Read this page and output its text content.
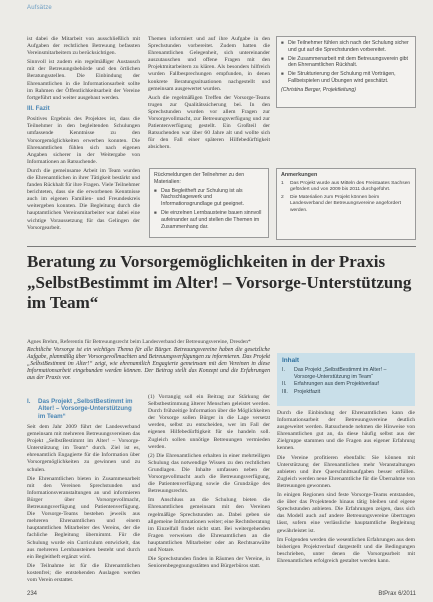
Aufsätze

ist dabei die Mitarbeit von ausschließlich mit Aufgaben der rechtlichen Betreuung befassten Vereinsmitarbeitern zu berücksichtigen.

Sinnvoll ist zudem ein regelmäßiger Austausch mit der Betreuungsbehörde und den örtlichen Beratungsstellen. Die Einbindung der Ehrenamtlichen in die Informationsarbeit sollte im Rahmen der Öffentlichkeitsarbeit der Vereine fortgeführt und weiter ausgebaut werden.

III. Fazit

Positives Ergebnis des Projektes ist, dass die Teilnehmer in den begleitenden Schulungen umfassende Kenntnisse zu den Vorsorgemöglichkeiten erwerben konnten. Die Ehrenamtlichen fühlen sich nach eigenen Angaben sicherer in der Weitergabe von Informationen an Ratsuchende.

Durch die gemeinsame Arbeit im Team wurden die Ehrenamtlichen in ihrer Tätigkeit bestärkt und fanden Rückhalt für ihre Fragen. Viele Teilnehmer berichteten, dass sie die erworbenen Kenntnisse auch im eigenen Familien- und Freundeskreis weitergeben konnten. Die Begleitung durch die hauptamtlichen Vereinsmitarbeiter war dabei eine wichtige Voraussetzung für das Gelingen der Vorsorgearbeit.

Themen informiert und auf ihre Aufgabe in den Sprechstunden vorbereitet. Zudem hatten die Ehrenamtlichen Gelegenheit, sich untereinander auszutauschen und offene Fragen mit den Projektmitarbeitern zu klären. Als besonders hilfreich wurden Fallbesprechungen empfunden, in denen konkrete Beratungssituationen nachgestellt und gemeinsam ausgewertet wurden.

Auch die regelmäßigen Treffen der Vorsorge-Teams trugen zur Qualitätssicherung bei. In den Sprechstunden wurden vor allem Fragen zur Vorsorgevollmacht, zur Betreuungsverfügung und zur Patientenverfügung gestellt. Ein Großteil der Ratsuchenden war über 60 Jahre alt und wollte sich für den Fall einer späteren Hilfebedürftigkeit absichern.

Rückmeldungen der Teilnehmer zu den Materialien:
■ Das Begleitheft zur Schulung ist als Nachschlagewerk und Informationsgrundlage gut geeignet.
■ Die einzelnen Lernbausteine bauen sinnvoll aufeinander auf und stellen die Themen im Zusammenhang dar.
■ Die Teilnehmer fühlen sich nach der Schulung sicher und gut auf die Sprechstunden vorbereitet.
■ Die Zusammenarbeit mit dem Betreuungsverein gibt den Ehrenamtlichen Rückhalt.
■ Die Strukturierung der Schulung mit Vorträgen, Fallbeispielen und Übungen wird geschätzt.
(Christina Berger, Projektleitung)
Anmerkungen
1	Das Projekt wurde aus Mitteln des Freistaates Sachsen gefördert und von 2009 bis 2011 durchgeführt.
2	Die Materialien zum Projekt können beim Landesverband der Betreuungsvereine angefordert werden.
Beratung zu Vorsorgemöglichkeiten in der Praxis
„SelbstBestimmt im Alter! – Vorsorge-Unterstützung
im Team“
Agnes Brehm, Referentin für Betreuungsrecht beim Landesverband der Betreuungsvereine, Dresden*
Rechtliche Vorsorge ist ein wichtiges Thema für alle Bürger. Betreuungsvereine haben die gesetzliche Aufgabe, planmäßig über Vorsorgevollmachten und Betreuungsverfügungen zu informieren. Das Projekt „SelbstBestimmt im Alter!“ zeigt, wie ehrenamtlich Engagierte gemeinsam mit den Vereinen in diese Informationsarbeit eingebunden werden können. Der Beitrag stellt das Konzept und die Erfahrungen aus der Praxis vor.
Inhalt
I.	Das Projekt „SelbstBestimmt im Alter! – Vorsorge-Unterstützung im Team“
II.	Erfahrungen aus dem Projektverlauf
III.	Projektfazit
I.	Das Projekt „SelbstBestimmt im Alter! – Vorsorge-Unterstützung im Team“

Seit dem Jahr 2009 führt der Landesverband gemeinsam mit mehreren Betreuungsvereinen das Projekt „SelbstBestimmt im Alter! – Vorsorge-Unterstützung im Team“ durch. Ziel ist es, ehrenamtlich Engagierte für die Information über Vorsorgemöglichkeiten zu gewinnen und zu schulen.

Die Ehrenamtlichen bieten in Zusammenarbeit mit den Vereinen Sprechstunden und Informationsveranstaltungen an und informieren Bürger über Vorsorgevollmacht, Betreuungsverfügung und Patientenverfügung. Die Vorsorge-Teams bestehen jeweils aus mehreren Ehrenamtlichen und einem hauptamtlichen Mitarbeiter des Vereins, der die fachliche Begleitung übernimmt. Für die Schulung wurde ein Curriculum entwickelt, das aus mehreren Lernbausteinen besteht und durch ein Begleitheft ergänzt wird.

Die Teilnahme ist für die Ehrenamtlichen kostenfrei; die entstehenden Auslagen werden vom Verein erstattet.

(1) Vorrangig soll ein Beitrag zur Stärkung der Selbstbestimmung älterer Menschen geleistet werden. Durch frühzeitige Information über die Möglichkeiten der Vorsorge sollen Bürger in die Lage versetzt werden, selbst zu entscheiden, wer im Fall der eigenen Hilfebedürftigkeit für sie handeln soll. Zugleich sollen unnötige Betreuungen vermieden werden.

(2) Die Ehrenamtlichen erhalten in einer mehrteiligen Schulung das notwendige Wissen zu den rechtlichen Grundlagen. Die Inhalte umfassen neben der Vorsorgevollmacht auch die Betreuungsverfügung, die Patientenverfügung sowie die Grundzüge des Betreuungsrechts.

Im Anschluss an die Schulung bieten die Ehrenamtlichen gemeinsam mit den Vereinen regelmäßige Sprechstunden an. Dabei geben sie allgemeine Informationen weiter; eine Rechtsberatung im Einzelfall findet nicht statt. Bei weitergehenden Fragen verweisen die Ehrenamtlichen an die hauptamtlichen Mitarbeiter oder an Rechtsanwälte und Notare.

Die Sprechstunden finden in Räumen der Vereine, in Seniorenbegegnungsstätten und Bürgerbüros statt.

Durch die Einbindung der Ehrenamtlichen kann die Informationsarbeit der Betreuungsvereine deutlich ausgeweitet werden. Ratsuchende nehmen die Hinweise von Ehrenamtlichen gut an, da diese häufig selbst aus der Zielgruppe stammen und die Fragen aus eigener Erfahrung kennen.

Die Vereine profitieren ebenfalls: Sie können mit Unterstützung der Ehrenamtlichen mehr Veranstaltungen anbieten und ihre Querschnittsaufgaben besser erfüllen. Zugleich werden neue Ehrenamtliche für die Übernahme von Betreuungen gewonnen.

In einigen Regionen sind feste Vorsorge-Teams entstanden, die über das Projektende hinaus tätig bleiben und eigene Sprechstunden anbieten. Die Erfahrungen zeigen, dass sich das Modell auch auf andere Betreuungsvereine übertragen lässt, sofern eine verlässliche hauptamtliche Begleitung gewährleistet ist.

Im Folgenden werden die wesentlichen Erfahrungen aus dem bisherigen Projektverlauf dargestellt und die Bedingungen beschrieben, unter denen die Vorsorgearbeit mit Ehrenamtlichen erfolgreich gestaltet werden kann.

234	BtPrax 6/2011
